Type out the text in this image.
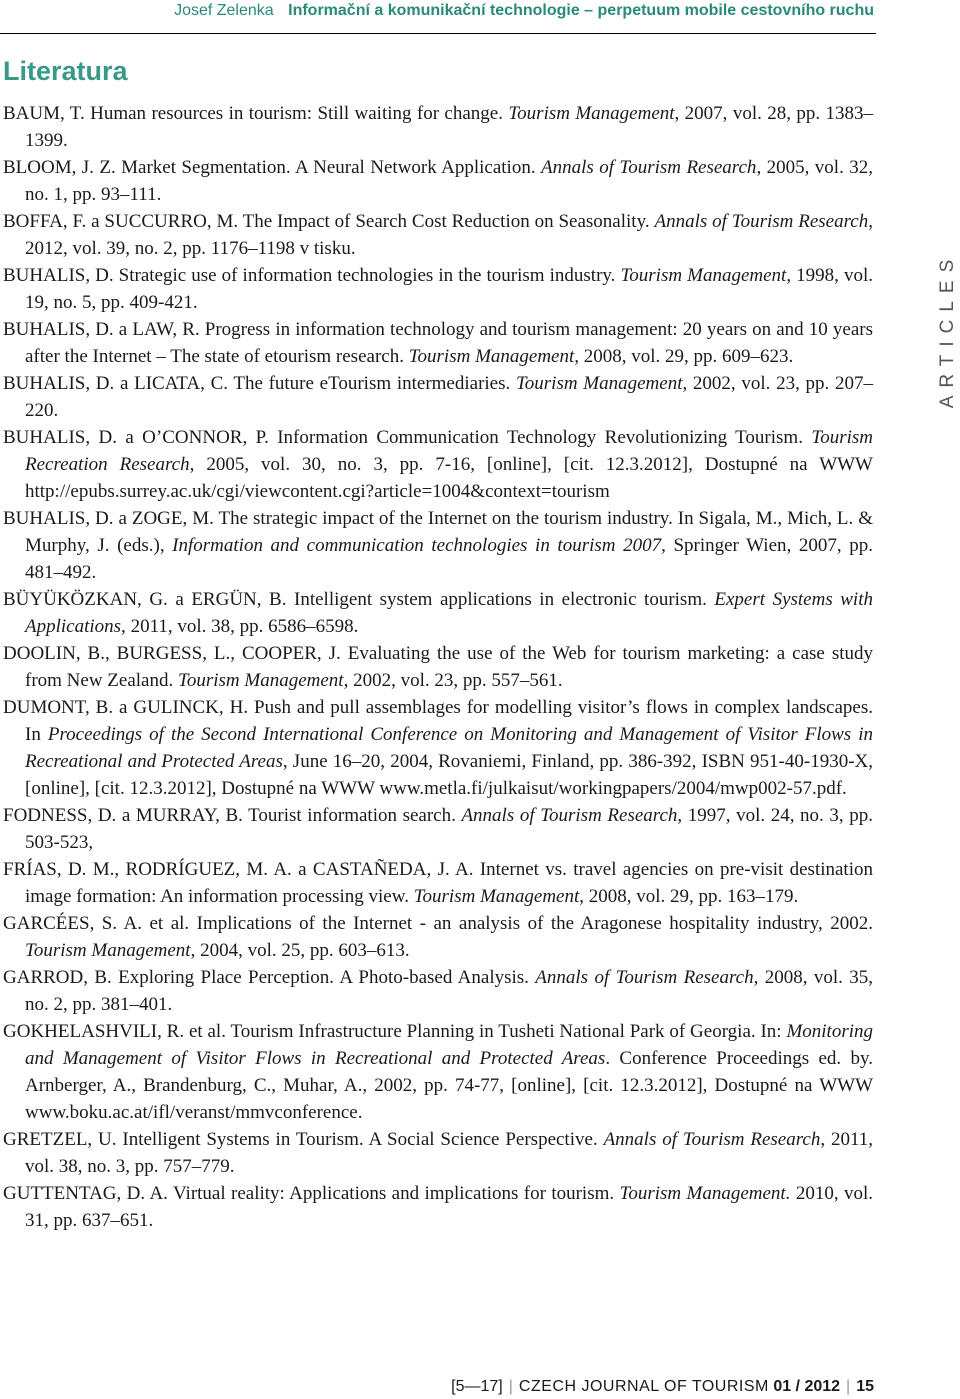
Josef Zelenka Informační a komunikační technologie – perpetuum mobile cestovního ruchu
Literatura
BAUM, T. Human resources in tourism: Still waiting for change. Tourism Management, 2007, vol. 28, pp. 1383–1399.
BLOOM, J. Z. Market Segmentation. A Neural Network Application. Annals of Tourism Research, 2005, vol. 32, no. 1, pp. 93–111.
BOFFA, F. a SUCCURRO, M. The Impact of Search Cost Reduction on Seasonality. Annals of Tourism Research, 2012, vol. 39, no. 2, pp. 1176–1198 v tisku.
BUHALIS, D. Strategic use of information technologies in the tourism industry. Tourism Management, 1998, vol. 19, no. 5, pp. 409-421.
BUHALIS, D. a LAW, R. Progress in information technology and tourism management: 20 years on and 10 years after the Internet – The state of etourism research. Tourism Management, 2008, vol. 29, pp. 609–623.
BUHALIS, D. a LICATA, C. The future eTourism intermediaries. Tourism Management, 2002, vol. 23, pp. 207–220.
BUHALIS, D. a O’CONNOR, P. Information Communication Technology Revolutionizing Tourism. Tourism Recreation Research, 2005, vol. 30, no. 3, pp. 7-16, [online], [cit. 12.3.2012], Dostupné na WWW http://epubs.surrey.ac.uk/cgi/viewcontent.cgi?article=1004&context=tourism
BUHALIS, D. a ZOGE, M. The strategic impact of the Internet on the tourism industry. In Sigala, M., Mich, L. & Murphy, J. (eds.), Information and communication technologies in tourism 2007, Springer Wien, 2007, pp. 481–492.
BÜYÜKÖZKAN, G. a ERGÜN, B. Intelligent system applications in electronic tourism. Expert Systems with Applications, 2011, vol. 38, pp. 6586–6598.
DOOLIN, B., BURGESS, L., COOPER, J. Evaluating the use of the Web for tourism marketing: a case study from New Zealand. Tourism Management, 2002, vol. 23, pp. 557–561.
DUMONT, B. a GULINCK, H. Push and pull assemblages for modelling visitor’s flows in complex landscapes. In Proceedings of the Second International Conference on Monitoring and Management of Visitor Flows in Recreational and Protected Areas, June 16–20, 2004, Rovaniemi, Finland, pp. 386-392, ISBN 951-40-1930-X, [online], [cit. 12.3.2012], Dostupné na WWW www.metla.fi/julkaisut/workingpapers/2004/mwp002-57.pdf.
FODNESS, D. a MURRAY, B. Tourist information search. Annals of Tourism Research, 1997, vol. 24, no. 3, pp. 503-523,
FRÍAS, D. M., RODRÍGUEZ, M. A. a CASTAÑEDA, J. A. Internet vs. travel agencies on pre-visit destination image formation: An information processing view. Tourism Management, 2008, vol. 29, pp. 163–179.
GARCÉES, S. A. et al. Implications of the Internet - an analysis of the Aragonese hospitality industry, 2002. Tourism Management, 2004, vol. 25, pp. 603–613.
GARROD, B. Exploring Place Perception. A Photo-based Analysis. Annals of Tourism Research, 2008, vol. 35, no. 2, pp. 381–401.
GOKHELASHVILI, R. et al. Tourism Infrastructure Planning in Tusheti National Park of Georgia. In: Monitoring and Management of Visitor Flows in Recreational and Protected Areas. Conference Proceedings ed. by. Arnberger, A., Brandenburg, C., Muhar, A., 2002, pp. 74-77, [online], [cit. 12.3.2012], Dostupné na WWW www.boku.ac.at/ifl/veranst/mmvconference.
GRETZEL, U. Intelligent Systems in Tourism. A Social Science Perspective. Annals of Tourism Research, 2011, vol. 38, no. 3, pp. 757–779.
GUTTENTAG, D. A. Virtual reality: Applications and implications for tourism. Tourism Management. 2010, vol. 31, pp. 637–651.
ARTICLES
[5—17] | CZECH JOURNAL OF TOURISM 01 / 2012 | 15
